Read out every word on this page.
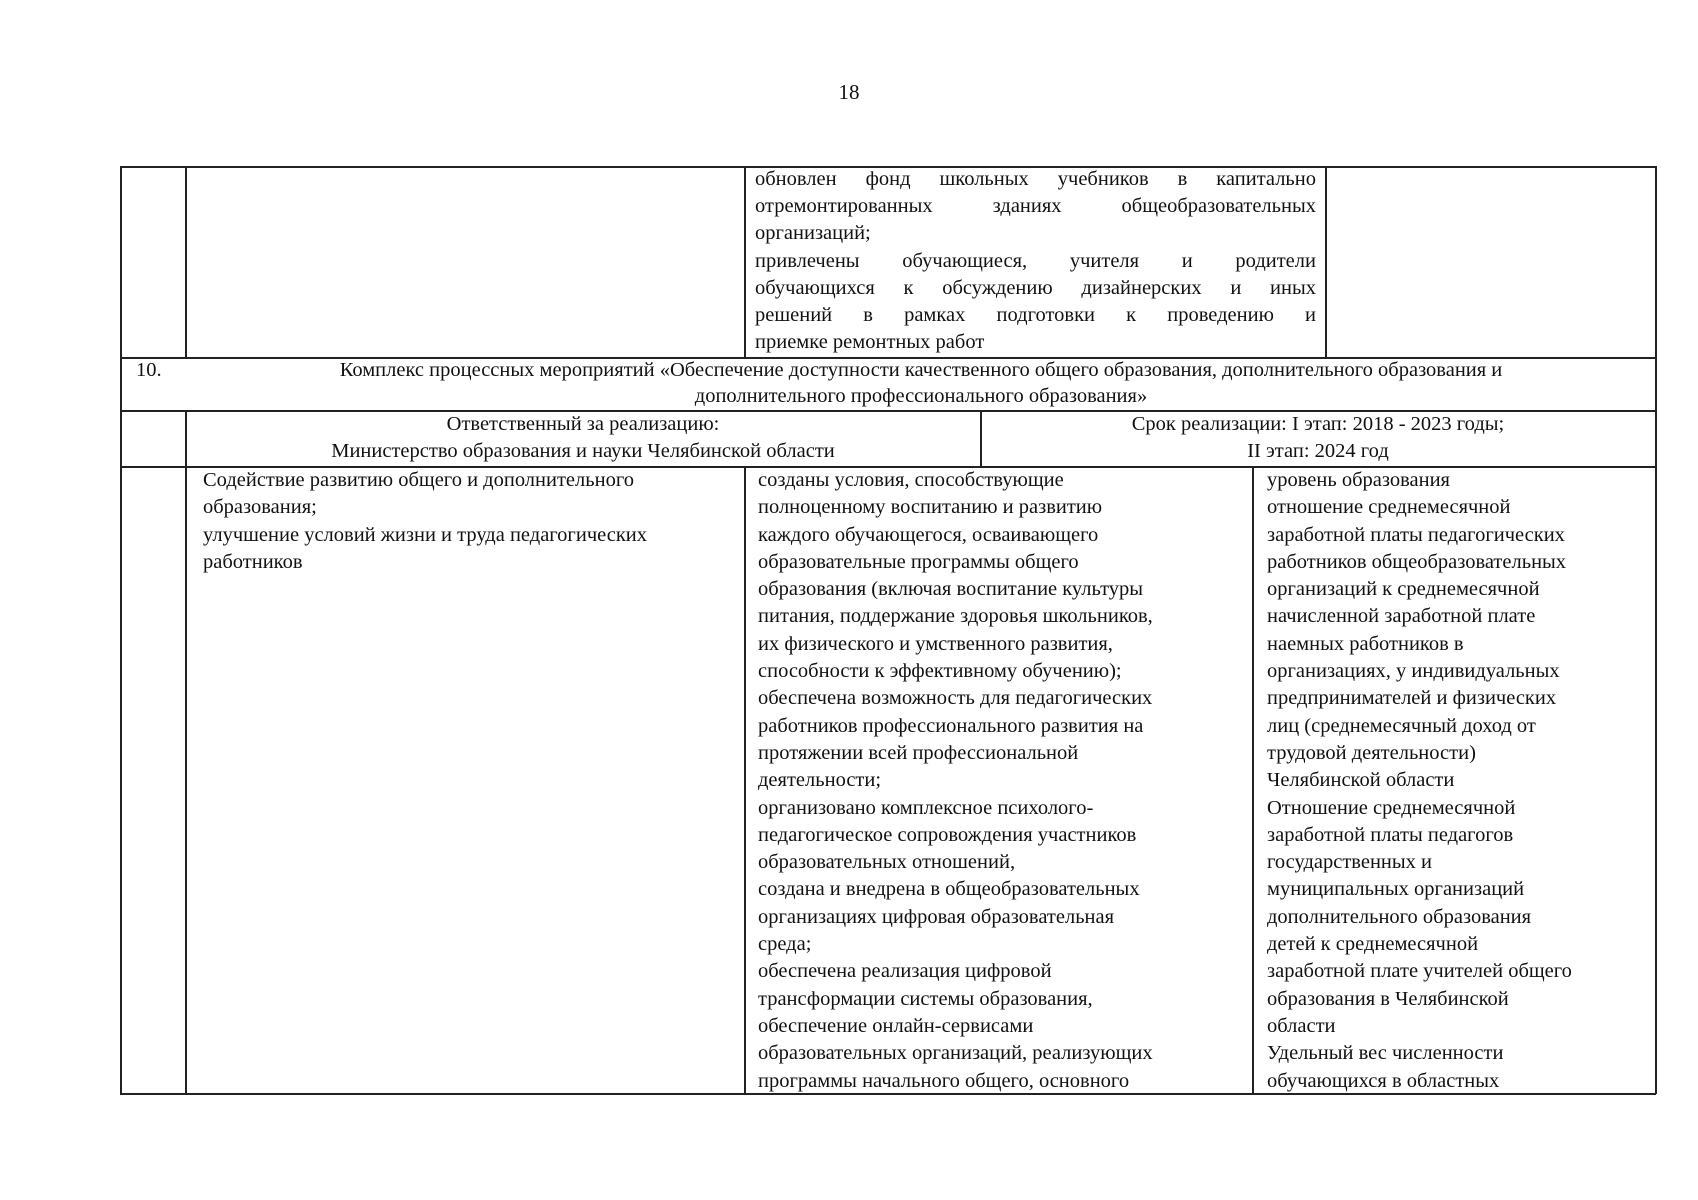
18
обновлен фонд школьных учебников в капитально
отремонтированных зданиях общеобразовательных
организаций;
привлечены обучающиеся, учителя и родители
обучающихся к обсуждению дизайнерских и иных
решений в рамках подготовки к проведению и
приемке ремонтных работ
10.	Комплекс процессных мероприятий «Обеспечение доступности качественного общего образования, дополнительного образования и
дополнительного профессионального образования»
Ответственный за реализацию:
Министерство образования и науки Челябинской области
Срок реализации: I этап: 2018 - 2023 годы;
II этап: 2024 год
Содействие развитию общего и дополнительного
образования;
улучшение условий жизни и труда педагогических
работников
созданы условия, способствующие
полноценному воспитанию и развитию
каждого обучающегося, осваивающего
образовательные программы общего
образования (включая воспитание культуры
питания, поддержание здоровья школьников,
их физического и умственного развития,
способности к эффективному обучению);
обеспечена возможность для педагогических
работников профессионального развития на
протяжении всей профессиональной
деятельности;
организовано комплексное психолого-
педагогическое сопровождения участников
образовательных отношений,
создана и внедрена в общеобразовательных
организациях цифровая образовательная
среда;
обеспечена реализация цифровой
трансформации системы образования,
обеспечение онлайн-сервисами
образовательных организаций, реализующих
программы начального общего, основного
уровень образования
отношение среднемесячной
заработной платы педагогических
работников общеобразовательных
организаций к среднемесячной
начисленной заработной плате
наемных работников в
организациях, у индивидуальных
предпринимателей и физических
лиц (среднемесячный доход от
трудовой деятельности)
Челябинской области
Отношение среднемесячной
заработной платы педагогов
государственных и
муниципальных организаций
дополнительного образования
детей к среднемесячной
заработной плате учителей общего
образования в Челябинской
области
Удельный вес численности
обучающихся в областных
